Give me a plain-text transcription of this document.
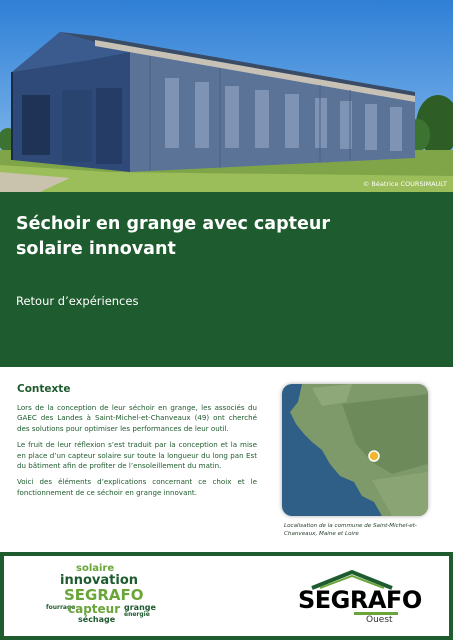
© Béatrice COURSIMAULT
Séchoir en grange avec capteur
solaire innovant
Retour d’expériences
Contexte

Lors de la conception de leur séchoir en grange, les associés du GAEC des Landes à Saint-Michel-et-Chanveaux (49) ont cherché des solutions pour optimiser les performances de leur outil.

Le fruit de leur réflexion s’est traduit par la conception et la mise en place d’un capteur solaire sur toute la longueur du long pan Est du bâtiment afin de profiter de l’ensoleillement du matin.

Voici des éléments d’explications concernant ce choix et le fonctionnement de ce séchoir en grange innovant.

Localisation de la commune de Saint-Michel-et-Chanveaux, Maine et Loire
solaire
innovation
SEGRAFO
fourrage
capteur grange
énergie
séchage
SEGRAFO
Ouest
